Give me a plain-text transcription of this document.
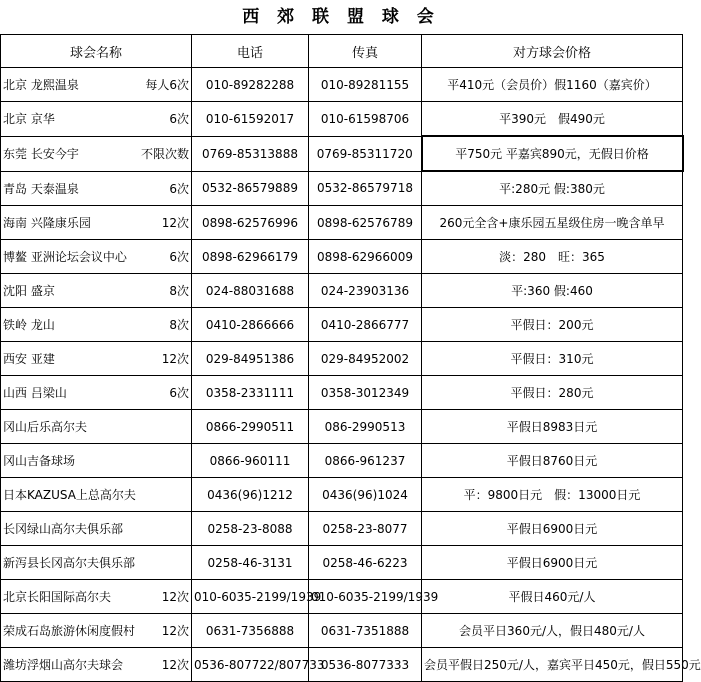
西 郊 联 盟 球 会
球会名称	电话	传真	对方球会价格

北京 龙熙温泉 每人6次	010-89282288	010-89281155	平410元（会员价）假1160（嘉宾价）

北京 京华 6次	010-61592017	010-61598706	平390元　假490元

东莞 长安今宇 不限次数	0769-85313888	0769-85311720	平750元 平嘉宾890元，无假日价格

青岛 天泰温泉 6次	0532-86579889	0532-86579718	平:280元 假:380元

海南 兴隆康乐园 12次	0898-62576996	0898-62576789	260元全含+康乐园五星级住房一晚含单早

博鳌 亚洲论坛会议中心 6次	0898-62966179	0898-62966009	淡：280　旺：365

沈阳 盛京 8次	024-88031688	024-23903136	平:360 假:460

铁岭 龙山 8次	0410-2866666	0410-2866777	平假日：200元

西安 亚建 12次	029-84951386	029-84952002	平假日：310元

山西 吕梁山 6次	0358-2331111	0358-3012349	平假日：280元

冈山后乐高尔夫	0866-2990511	086-2990513	平假日8983日元

冈山吉备球场	0866-960111	0866-961237	平假日8760日元

日本KAZUSA上总高尔夫	0436(96)1212	0436(96)1024	平：9800日元　假：13000日元

长冈绿山高尔夫俱乐部	0258-23-8088	0258-23-8077	平假日6900日元

新泻县长冈高尔夫俱乐部	0258-46-3131	0258-46-6223	平假日6900日元

北京长阳国际高尔夫 12次	010-6035-2199/1939	010-6035-2199/1939	平假日460元/人

荣成石岛旅游休闲度假村 12次	0631-7356888	0631-7351888	会员平日360元/人，假日480元/人

潍坊浮烟山高尔夫球会 12次	0536-807722/807733	0536-8077333	会员平假日250元/人，嘉宾平日450元，假日550元
